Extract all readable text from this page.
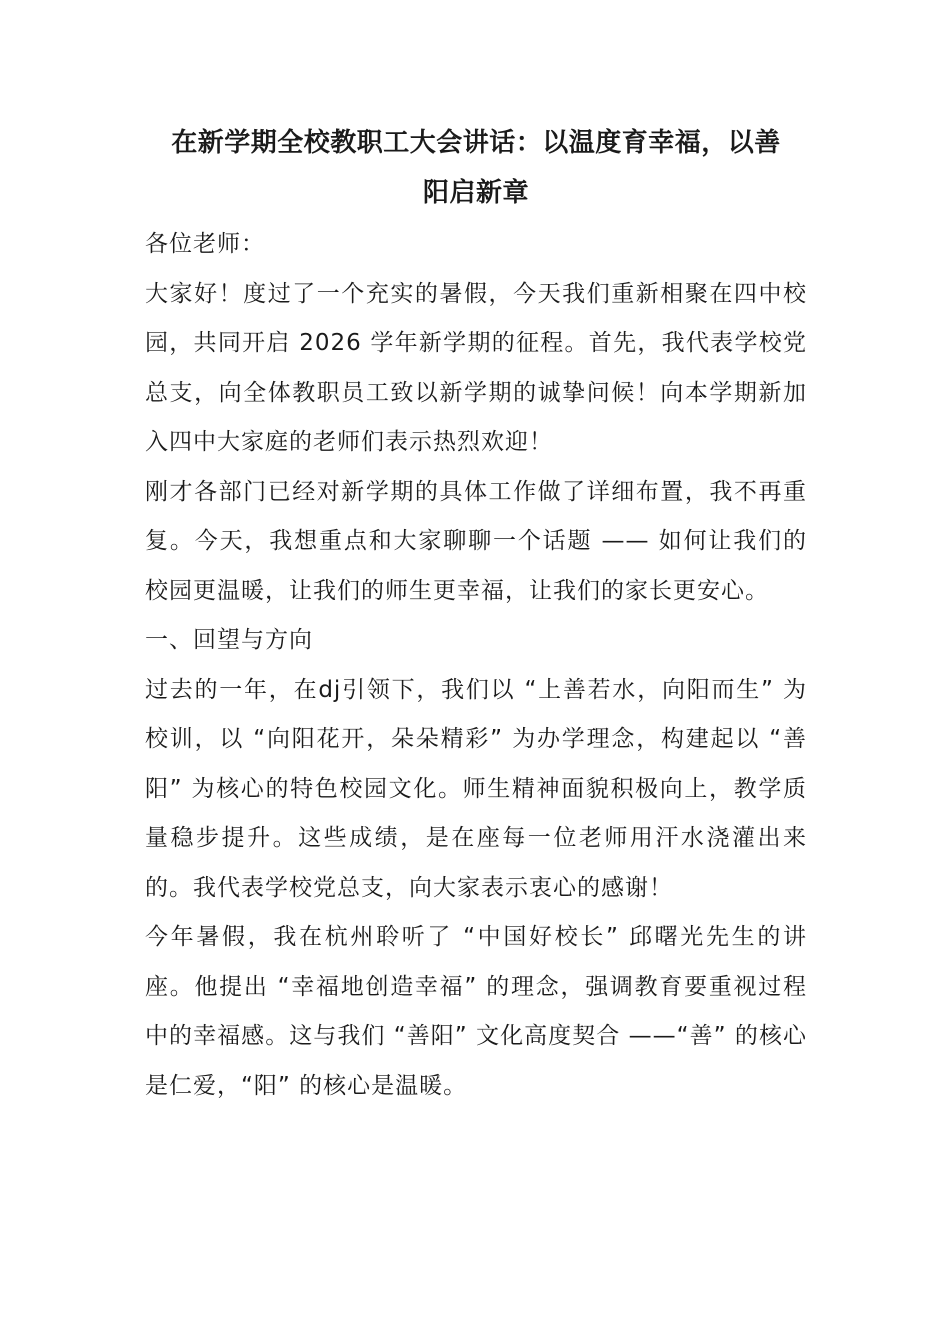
在新学期全校教职工大会讲话：以温度育幸福，以善
阳启新章

各位老师：

大家好！度过了一个充实的暑假，今天我们重新相聚在四中校园，共同开启 2026 学年新学期的征程。首先，我代表学校党总支，向全体教职员工致以新学期的诚挚问候！向本学期新加入四中大家庭的老师们表示热烈欢迎！

刚才各部门已经对新学期的具体工作做了详细布置，我不再重复。今天，我想重点和大家聊聊一个话题 —— 如何让我们的校园更温暖，让我们的师生更幸福，让我们的家长更安心。

一、回望与方向

过去的一年，在dj引领下，我们以 “上善若水，向阳而生” 为校训，以 “向阳花开，朵朵精彩” 为办学理念，构建起以 “善阳” 为核心的特色校园文化。师生精神面貌积极向上，教学质量稳步提升。这些成绩，是在座每一位老师用汗水浇灌出来的。我代表学校党总支，向大家表示衷心的感谢！

今年暑假，我在杭州聆听了 “中国好校长” 邱曙光先生的讲座。他提出 “幸福地创造幸福” 的理念，强调教育要重视过程中的幸福感。这与我们 “善阳” 文化高度契合 ——“善” 的核心是仁爱，“阳” 的核心是温暖。
